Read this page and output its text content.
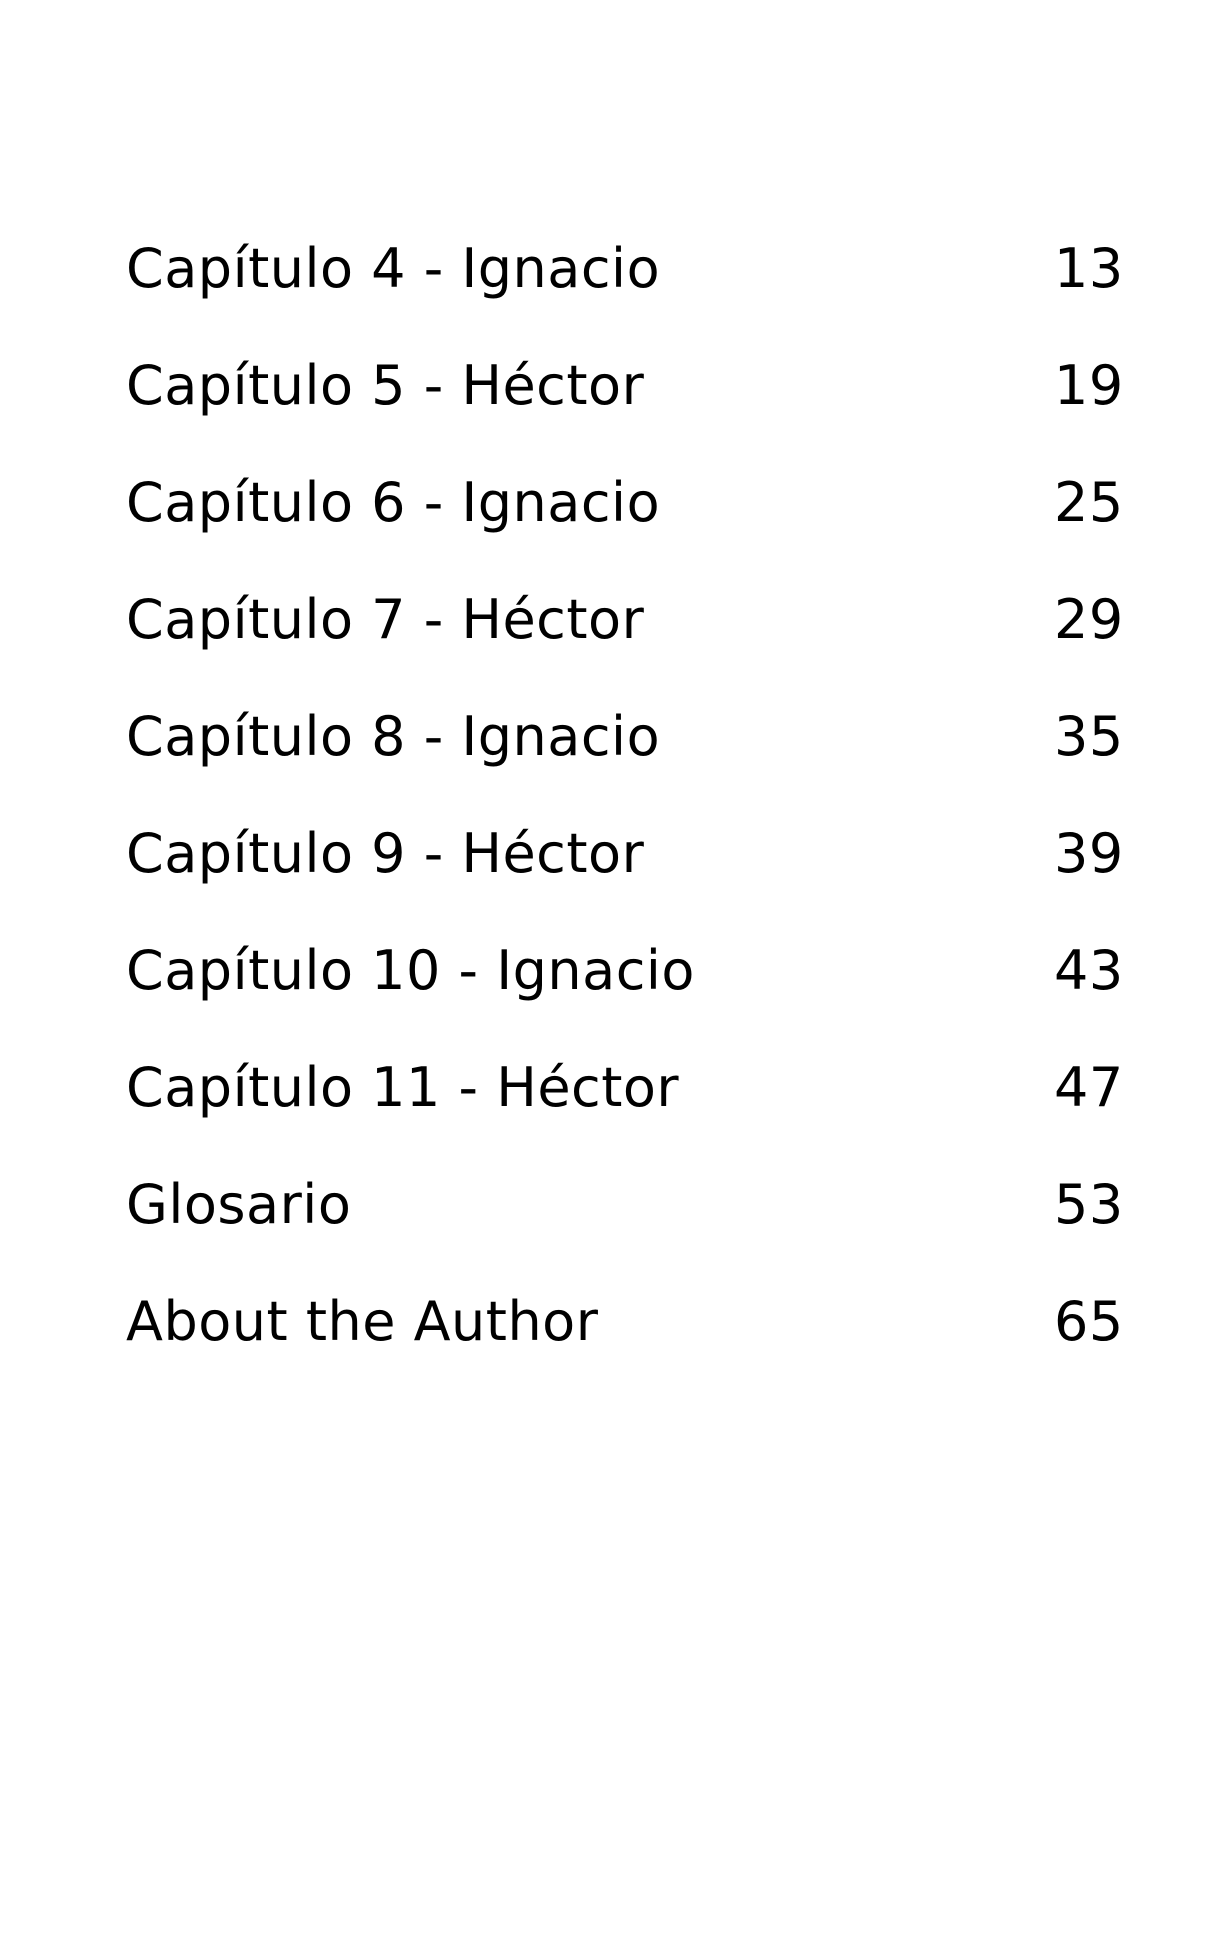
Capítulo 4 - Ignacio	13
Capítulo 5 - Héctor	19
Capítulo 6 - Ignacio	25
Capítulo 7 - Héctor	29
Capítulo 8 - Ignacio	35
Capítulo 9 - Héctor	39
Capítulo 10 - Ignacio	43
Capítulo 11 - Héctor	47
Glosario	53
About the Author	65
